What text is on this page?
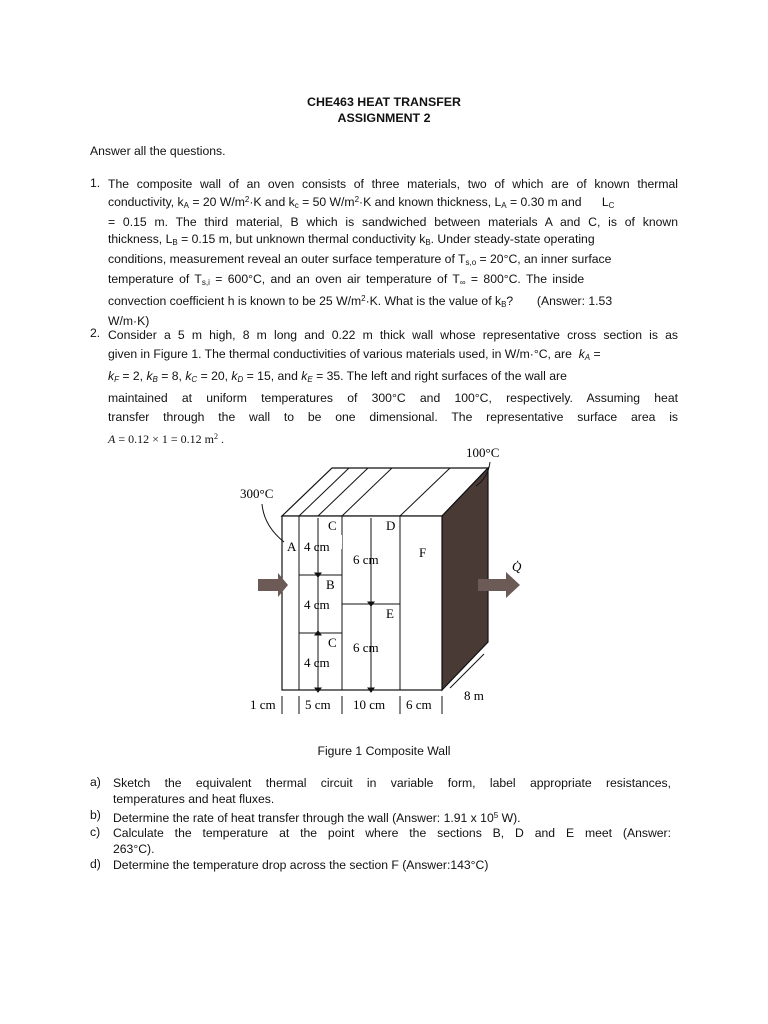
CHE463 HEAT TRANSFER
ASSIGNMENT 2
Answer all the questions.
1. The composite wall of an oven consists of three materials, two of which are of known thermal
conductivity, $k_A = 20$ $W/m^2\cdot K$ and $k_c = 50$ $W/m^2\cdot K$ and known thickness, $L_A = 0.30$ m and $L_C$
= 0.15 m. The third material, B which is sandwiched between materials A and C, is of known
thickness, $L_B = 0.15$ m, but unknown thermal conductivity $k_B$. Under steady-state operating
conditions, measurement reveal an outer surface temperature of $T_{s,o} = 20^\circ C$, an inner surface
temperature of $T_{s,i} = 600^\circ C$, and an oven air temperature of $T_\infty = 800^\circ C$. The inside
convection coefficient h is known to be 25 $W/m^2\cdot K$. What is the value of $k_B$? (Answer: 1.53
W/m·K)
2. Consider a 5 m high, 8 m long and 0.22 m thick wall whose representative cross section is as
given in Figure 1. The thermal conductivities of various materials used, in W/m·°C, are $k_A$ =
$k_F = 2$, $k_B = 8$, $k_C = 20$, $k_D = 15$, and $k_E = 35$. The left and right surfaces of the wall are
maintained at uniform temperatures of 300°C and 100°C, respectively. Assuming heat
transfer through the wall to be one dimensional. The representative surface area is
A = 0.12 × 1 = 0.12 $m^2$ .
C
A 4 cm
D
6 cm	F
B
4 cm
E
C 6 cm
4 cm
Q̇
300°C
100°C
1 cm 5 cm 10 cm 6 cm
8 m
Figure 1 Composite Wall
a) Sketch the equivalent thermal circuit in variable form, label appropriate resistances,
temperatures and heat fluxes.
b) Determine the rate of heat transfer through the wall (Answer: 1.91 x $10^5$ W).
c) Calculate the temperature at the point where the sections B, D and E meet (Answer:
263°C).
d) Determine the temperature drop across the section F (Answer:143°C)
